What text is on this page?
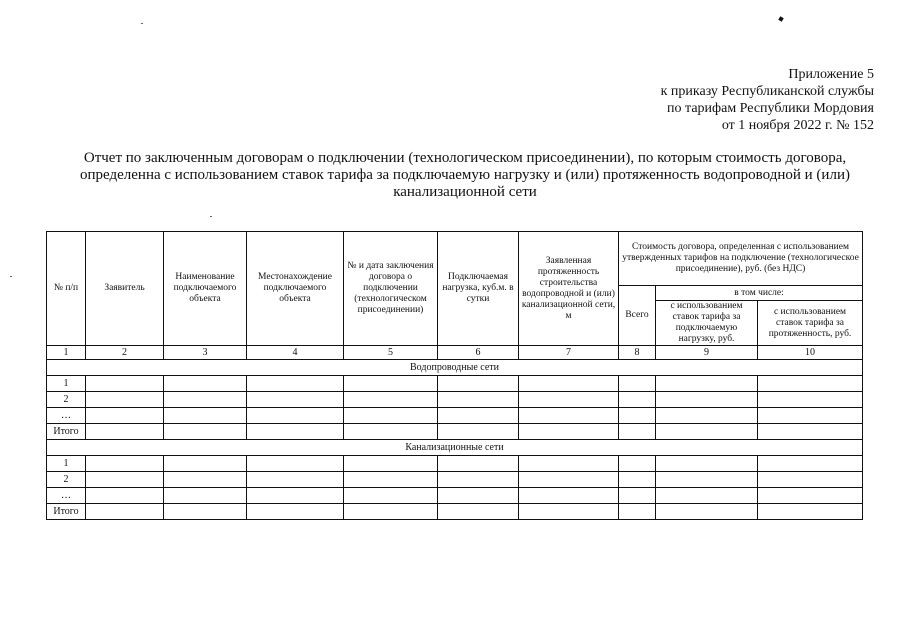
Приложение 5
к приказу Республиканской службы
по тарифам Республики Мордовия
от 1 ноября 2022 г. № 152
Отчет по заключенным договорам о подключении (технологическом присоединении), по которым стоимость договора,
определенна с использованием ставок тарифа за подключаемую нагрузку и (или) протяженность водопроводной и (или)
канализационной сети
№ п/п	Заявитель	Наименование подключаемого объекта	Местонахождение подключаемого объекта	№ и дата заключения договора о подключении (технологическом присоединении)	Подключаемая нагрузка, куб.м. в сутки	Заявленная протяженность строительства водопроводной и (или) канализационной сети, м	Стоимость договора, определенная с использованием утвержденных тарифов на подключение (технологическое присоединение), руб. (без НДС)		
							Всего	в том числе:	
								с использованием ставок тарифа за подключаемую нагрузку, руб.	с использованием ставок тарифа за протяженность, руб.
1	2	3	4	5	6	7	8	9	10
Водопроводные сети									
1									
2									
…									
Итого									
Канализационные сети									
1									
2									
…									
Итого									
